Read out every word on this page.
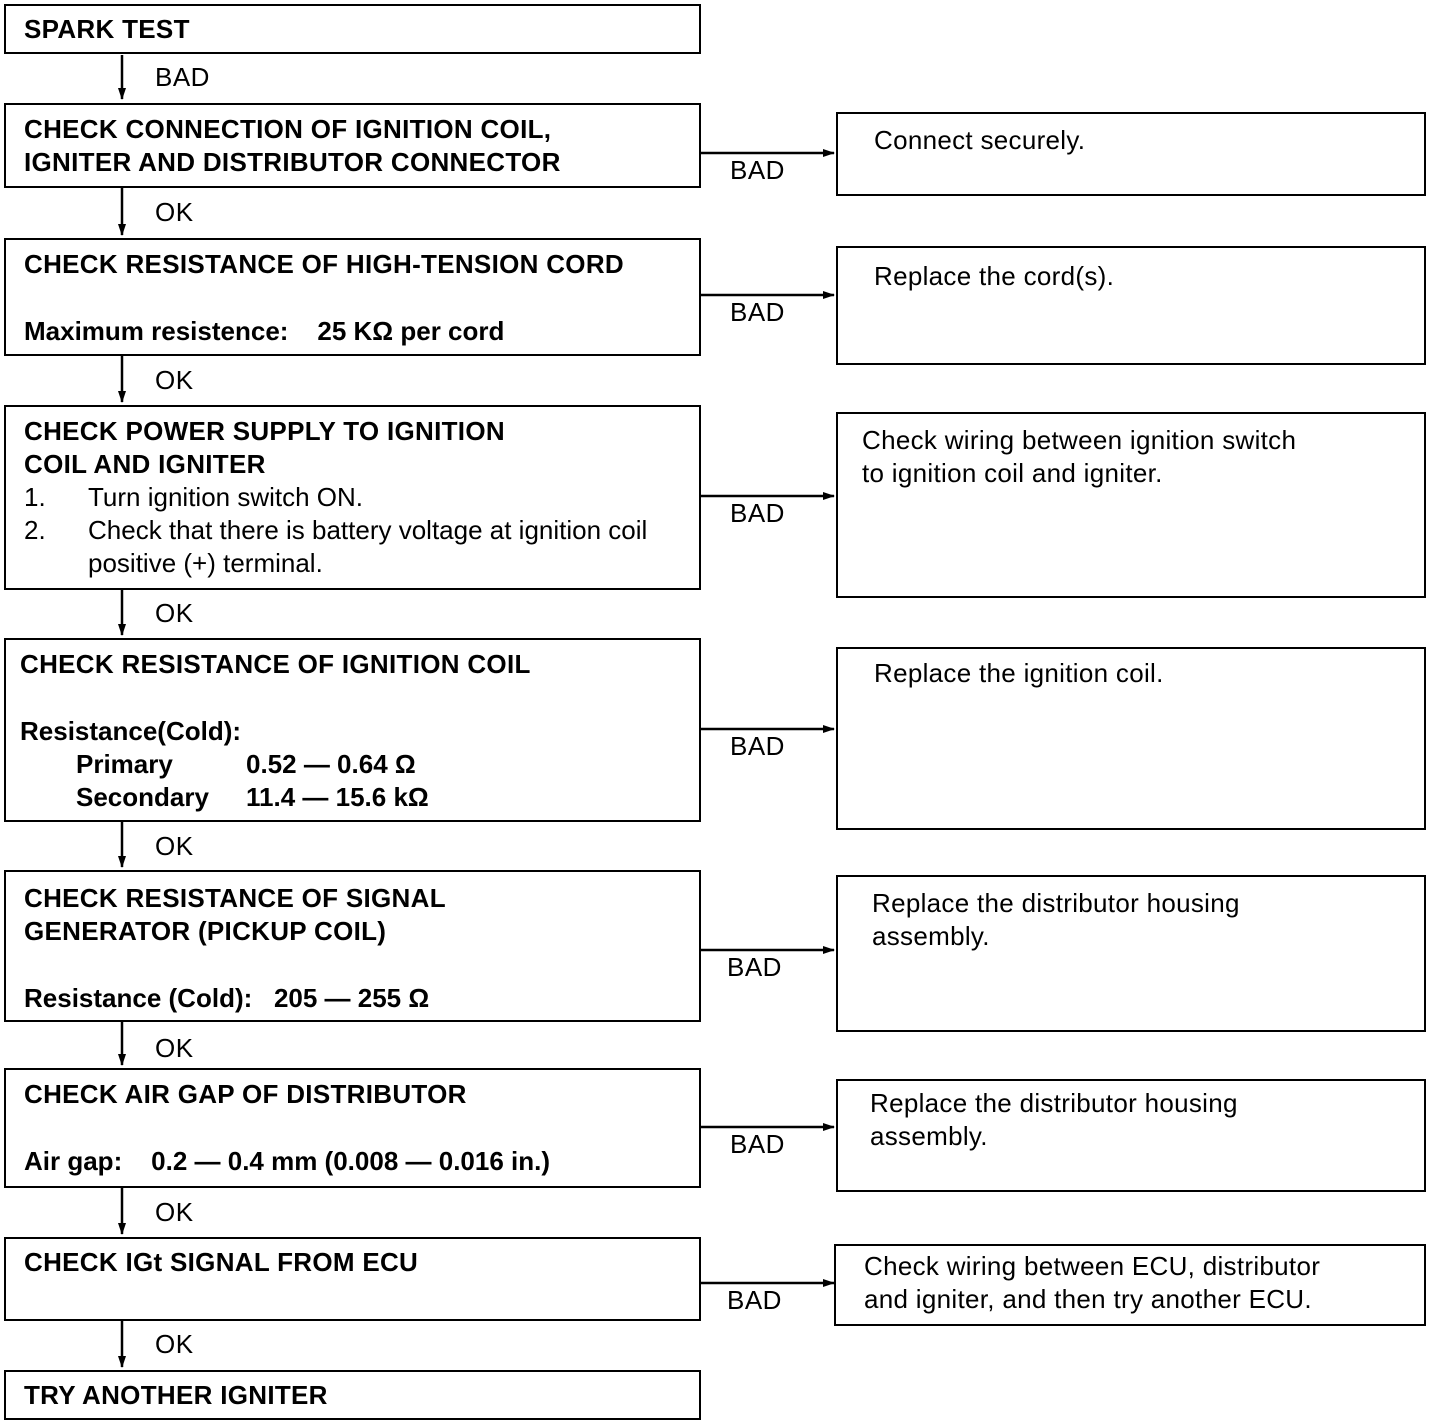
SPARK TEST
CHECK CONNECTION OF IGNITION COIL,
IGNITER AND DISTRIBUTOR CONNECTOR
CHECK RESISTANCE OF HIGH-TENSION CORD
Maximum resistence: 25 KΩ per cord
CHECK POWER SUPPLY TO IGNITION
COIL AND IGNITER
1. Turn ignition switch ON.
2. Check that there is battery voltage at ignition coil positive (+) terminal.
CHECK RESISTANCE OF IGNITION COIL
Resistance(Cold):
Primary	0.52 — 0.64 Ω
Secondary	11.4 — 15.6 kΩ
CHECK RESISTANCE OF SIGNAL
GENERATOR (PICKUP COIL)
Resistance (Cold): 205 — 255 Ω
CHECK AIR GAP OF DISTRIBUTOR
Air gap: 0.2 — 0.4 mm (0.008 — 0.016 in.)
CHECK IGt SIGNAL FROM ECU
TRY ANOTHER IGNITER
Connect securely.
Replace the cord(s).
Check wiring between ignition switch
to ignition coil and igniter.
Replace the ignition coil.
Replace the distributor housing
assembly.
Replace the distributor housing
assembly.
Check wiring between ECU, distributor
and igniter, and then try another ECU.
BAD
OK
OK
OK
OK
OK
OK
OK
BAD
BAD
BAD
BAD
BAD
BAD
BAD
